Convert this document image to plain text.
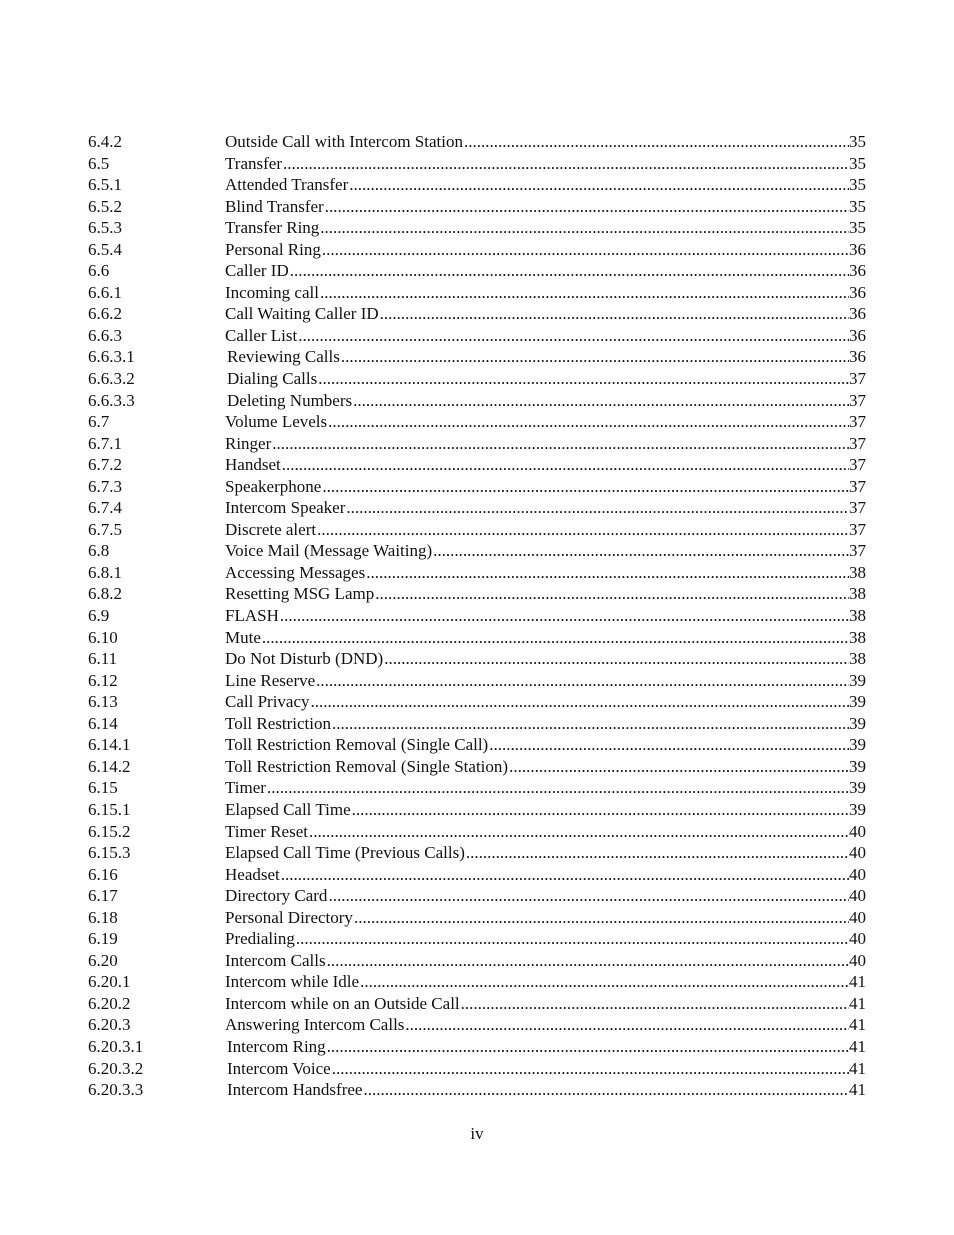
6.4.2	Outside Call with Intercom Station .....	35
6.5	Transfer .....	35
6.5.1	Attended Transfer .....	35
6.5.2	Blind Transfer .....	35
6.5.3	Transfer Ring .....	35
6.5.4	Personal Ring .....	36
6.6	Caller ID .....	36
6.6.1	Incoming call .....	36
6.6.2	Call Waiting Caller ID .....	36
6.6.3	Caller List .....	36
6.6.3.1	Reviewing Calls .....	36
6.6.3.2	Dialing Calls .....	37
6.6.3.3	Deleting Numbers .....	37
6.7	Volume Levels .....	37
6.7.1	Ringer .....	37
6.7.2	Handset .....	37
6.7.3	Speakerphone .....	37
6.7.4	Intercom Speaker .....	37
6.7.5	Discrete alert .....	37
6.8	Voice Mail (Message Waiting) .....	37
6.8.1	Accessing Messages .....	38
6.8.2	Resetting MSG Lamp .....	38
6.9	FLASH .....	38
6.10	Mute .....	38
6.11	Do Not Disturb (DND) .....	38
6.12	Line Reserve .....	39
6.13	Call Privacy .....	39
6.14	Toll Restriction .....	39
6.14.1	Toll Restriction Removal (Single Call) .....	39
6.14.2	Toll Restriction Removal (Single Station) .....	39
6.15	Timer .....	39
6.15.1	Elapsed Call Time .....	39
6.15.2	Timer Reset .....	40
6.15.3	Elapsed Call Time (Previous Calls) .....	40
6.16	Headset .....	40
6.17	Directory Card .....	40
6.18	Personal Directory .....	40
6.19	Predialing .....	40
6.20	Intercom Calls .....	40
6.20.1	Intercom while Idle .....	41
6.20.2	Intercom while on an Outside Call .....	41
6.20.3	Answering Intercom Calls .....	41
6.20.3.1	Intercom Ring .....	41
6.20.3.2	Intercom Voice .....	41
6.20.3.3	Intercom Handsfree .....	41
iv
